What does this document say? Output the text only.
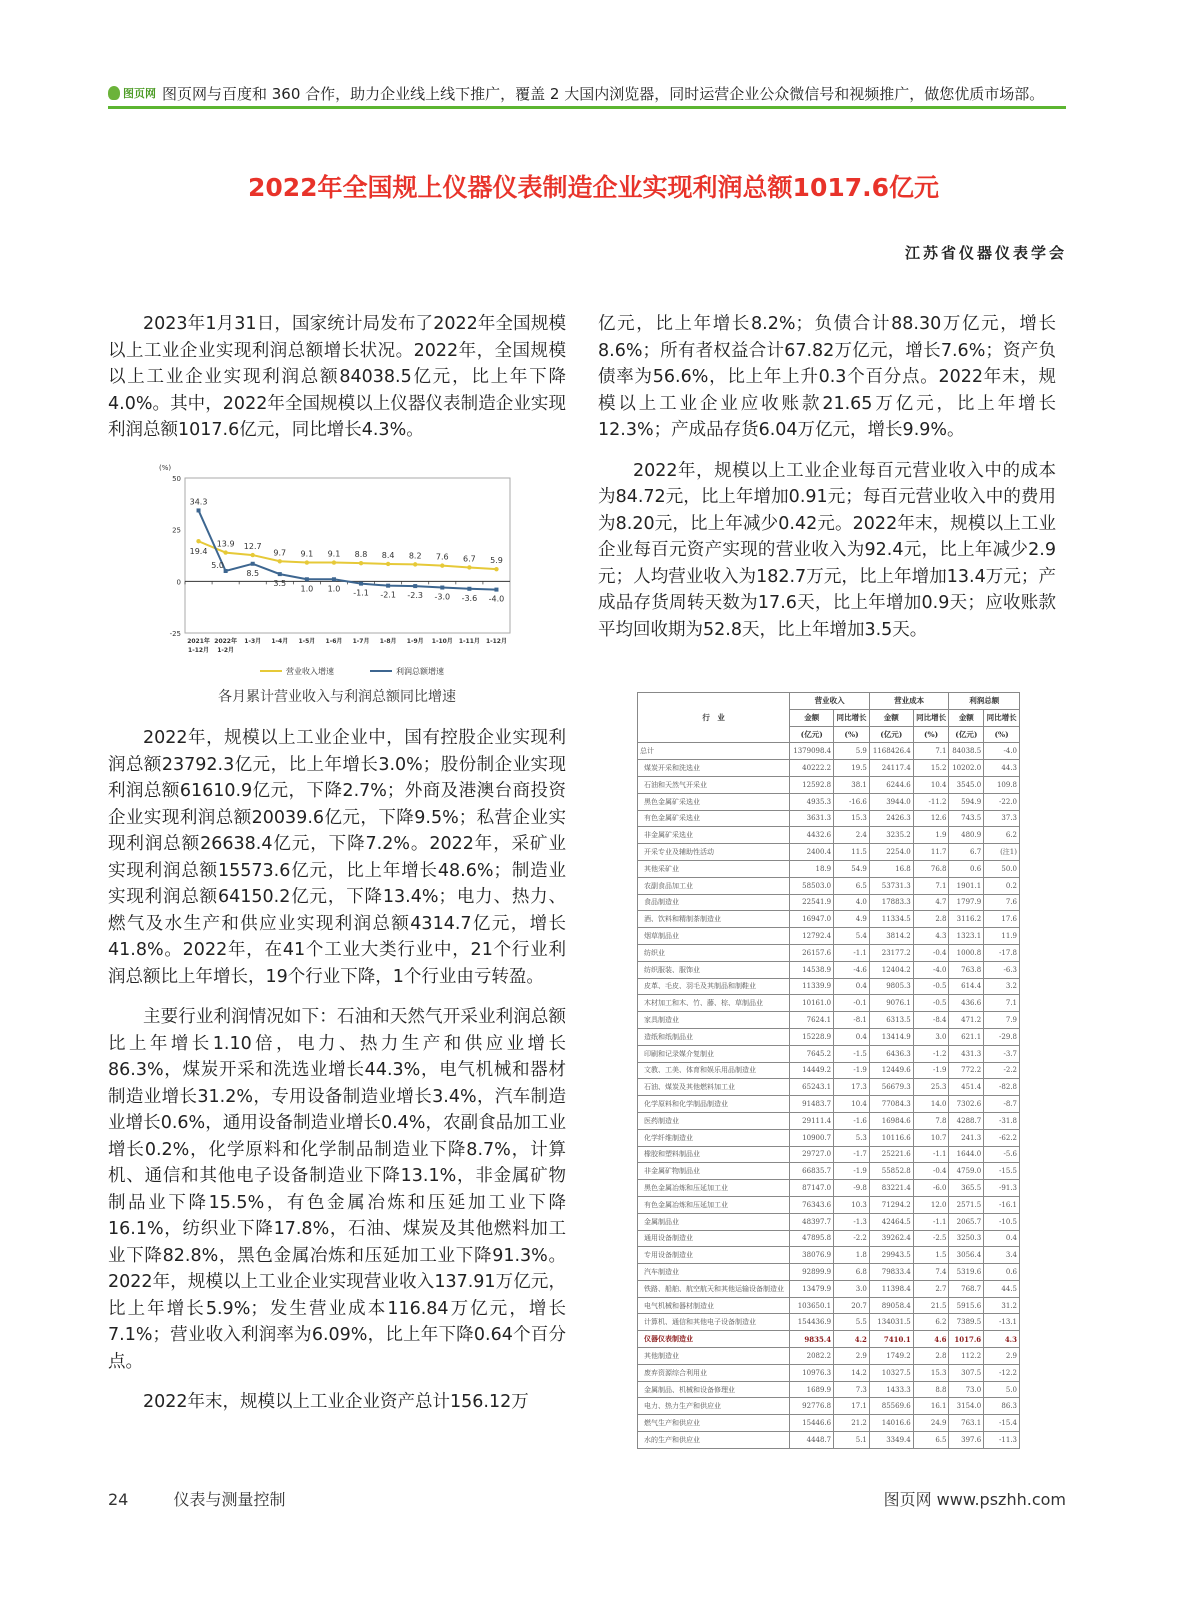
图页网 图页网与百度和 360 合作，助力企业线上线下推广，覆盖 2 大国内浏览器，同时运营企业公众微信号和视频推广，做您优质市场部。
2022年全国规上仪器仪表制造企业实现利润总额1017.6亿元
江苏省仪器仪表学会

2023年1月31日，国家统计局发布了2022年全国规模以上工业企业实现利润总额增长状况。2022年，全国规模以上工业企业实现利润总额84038.5亿元，比上年下降4.0%。其中，2022年全国规模以上仪器仪表制造企业实现利润总额1017.6亿元，同比增长4.3%。

(%)
50
25
0
-25
2021年
1-12月
2022年
1-2月
1-3月 1-4月 1-5月 1-6月 1-7月 1-8月 1-9月 1-10月 1-11月 1-12月
19.4
13.9 12.7
9.7 9.1 9.1 8.8 8.4 8.2 7.6 6.7 5.9
34.3
5.0
8.5
3.5
1.0 1.0 -1.1 -2.1 -2.3 -3.0 -3.6 -4.0
营业收入增速	利润总额增速
各月累计营业收入与利润总额同比增速

2022年，规模以上工业企业中，国有控股企业实现利润总额23792.3亿元，比上年增长3.0%；股份制企业实现利润总额61610.9亿元，下降2.7%；外商及港澳台商投资企业实现利润总额20039.6亿元，下降9.5%；私营企业实现利润总额26638.4亿元，下降7.2%。2022年，采矿业实现利润总额15573.6亿元，比上年增长48.6%；制造业实现利润总额64150.2亿元，下降13.4%；电力、热力、燃气及水生产和供应业实现利润总额4314.7亿元，增长41.8%。2022年，在41个工业大类行业中，21个行业利润总额比上年增长，19个行业下降，1个行业由亏转盈。

主要行业利润情况如下：石油和天然气开采业利润总额比上年增长1.10倍，电力、热力生产和供应业增长86.3%，煤炭开采和洗选业增长44.3%，电气机械和器材制造业增长31.2%，专用设备制造业增长3.4%，汽车制造业增长0.6%，通用设备制造业增长0.4%，农副食品加工业增长0.2%，化学原料和化学制品制造业下降8.7%，计算机、通信和其他电子设备制造业下降13.1%，非金属矿物制品业下降15.5%，有色金属冶炼和压延加工业下降16.1%，纺织业下降17.8%，石油、煤炭及其他燃料加工业下降82.8%，黑色金属冶炼和压延加工业下降91.3%。2022年，规模以上工业企业实现营业收入137.91万亿元，比上年增长5.9%；发生营业成本116.84万亿元，增长7.1%；营业收入利润率为6.09%，比上年下降0.64个百分点。

2022年末，规模以上工业企业资产总计156.12万

亿元，比上年增长8.2%；负债合计88.30万亿元，增长8.6%；所有者权益合计67.82万亿元，增长7.6%；资产负债率为56.6%，比上年上升0.3个百分点。2022年末，规模以上工业企业应收账款21.65万亿元，比上年增长12.3%；产成品存货6.04万亿元，增长9.9%。

2022年，规模以上工业企业每百元营业收入中的成本为84.72元，比上年增加0.91元；每百元营业收入中的费用为8.20元，比上年减少0.42元。2022年末，规模以上工业企业每百元资产实现的营业收入为92.4元，比上年减少2.9元；人均营业收入为182.7万元，比上年增加13.4万元；产成品存货周转天数为17.6天，比上年增加0.9天；应收账款平均回收期为52.8天，比上年增加3.5天。

行　业	营业收入		营业成本		利润总额	
	金额	同比增长	金额	同比增长	金额	同比增长
	(亿元)	(%)	(亿元)	(%)	(亿元)	(%)
总计	1379098.4	5.9	1168426.4	7.1	84038.5	-4.0
煤炭开采和洗选业	40222.2	19.5	24117.4	15.2	10202.0	44.3
石油和天然气开采业	12592.8	38.1	6244.6	10.4	3545.0	109.8
黑色金属矿采选业	4935.3	-16.6	3944.0	-11.2	594.9	-22.0
有色金属矿采选业	3631.3	15.3	2426.3	12.6	743.5	37.3
非金属矿采选业	4432.6	2.4	3235.2	1.9	480.9	6.2
开采专业及辅助性活动	2400.4	11.5	2254.0	11.7	6.7	(注1)
其他采矿业	18.9	54.9	16.8	76.8	0.6	50.0
农副食品加工业	58503.0	6.5	53731.3	7.1	1901.1	0.2
食品制造业	22541.9	4.0	17883.3	4.7	1797.9	7.6
酒、饮料和精制茶制造业	16947.0	4.9	11334.5	2.8	3116.2	17.6
烟草制品业	12792.4	5.4	3814.2	4.3	1323.1	11.9
纺织业	26157.6	-1.1	23177.2	-0.4	1000.8	-17.8
纺织服装、服饰业	14538.9	-4.6	12404.2	-4.0	763.8	-6.3
皮革、毛皮、羽毛及其制品和制鞋业	11339.9	0.4	9805.3	-0.5	614.4	3.2
木材加工和木、竹、藤、棕、草制品业	10161.0	-0.1	9076.1	-0.5	436.6	7.1
家具制造业	7624.1	-8.1	6313.5	-8.4	471.2	7.9
造纸和纸制品业	15228.9	0.4	13414.9	3.0	621.1	-29.8
印刷和记录媒介复制业	7645.2	-1.5	6436.3	-1.2	431.3	-3.7
文教、工美、体育和娱乐用品制造业	14449.2	-1.9	12449.6	-1.9	772.2	-2.2
石油、煤炭及其他燃料加工业	65243.1	17.3	56679.3	25.3	451.4	-82.8
化学原料和化学制品制造业	91483.7	10.4	77084.3	14.0	7302.6	-8.7
医药制造业	29111.4	-1.6	16984.6	7.8	4288.7	-31.8
化学纤维制造业	10900.7	5.3	10116.6	10.7	241.3	-62.2
橡胶和塑料制品业	29727.0	-1.7	25221.6	-1.1	1644.0	-5.6
非金属矿物制品业	66835.7	-1.9	55852.8	-0.4	4759.0	-15.5
黑色金属冶炼和压延加工业	87147.0	-9.8	83221.4	-6.0	365.5	-91.3
有色金属冶炼和压延加工业	76343.6	10.3	71294.2	12.0	2571.5	-16.1
金属制品业	48397.7	-1.3	42464.5	-1.1	2065.7	-10.5
通用设备制造业	47895.8	-2.2	39262.4	-2.5	3250.3	0.4
专用设备制造业	38076.9	1.8	29943.5	1.5	3056.4	3.4
汽车制造业	92899.9	6.8	79833.4	7.4	5319.6	0.6
铁路、船舶、航空航天和其他运输设备制造业	13479.9	3.0	11398.4	2.7	768.7	44.5
电气机械和器材制造业	103650.1	20.7	89058.4	21.5	5915.6	31.2
计算机、通信和其他电子设备制造业	154436.9	5.5	134031.5	6.2	7389.5	-13.1
仪器仪表制造业	9835.4	4.2	7410.1	4.6	1017.6	4.3
其他制造业	2082.2	2.9	1749.2	2.8	112.2	2.9
废弃资源综合利用业	10976.3	14.2	10327.5	15.3	307.5	-12.2
金属制品、机械和设备修理业	1689.9	7.3	1433.3	8.8	73.0	5.0
电力、热力生产和供应业	92776.8	17.1	85569.6	16.1	3154.0	86.3
燃气生产和供应业	15446.6	21.2	14016.6	24.9	763.1	-15.4
水的生产和供应业	4448.7	5.1	3349.4	6.5	397.6	-11.3
24	仪表与测量控制	图页网 www.pszhh.com
